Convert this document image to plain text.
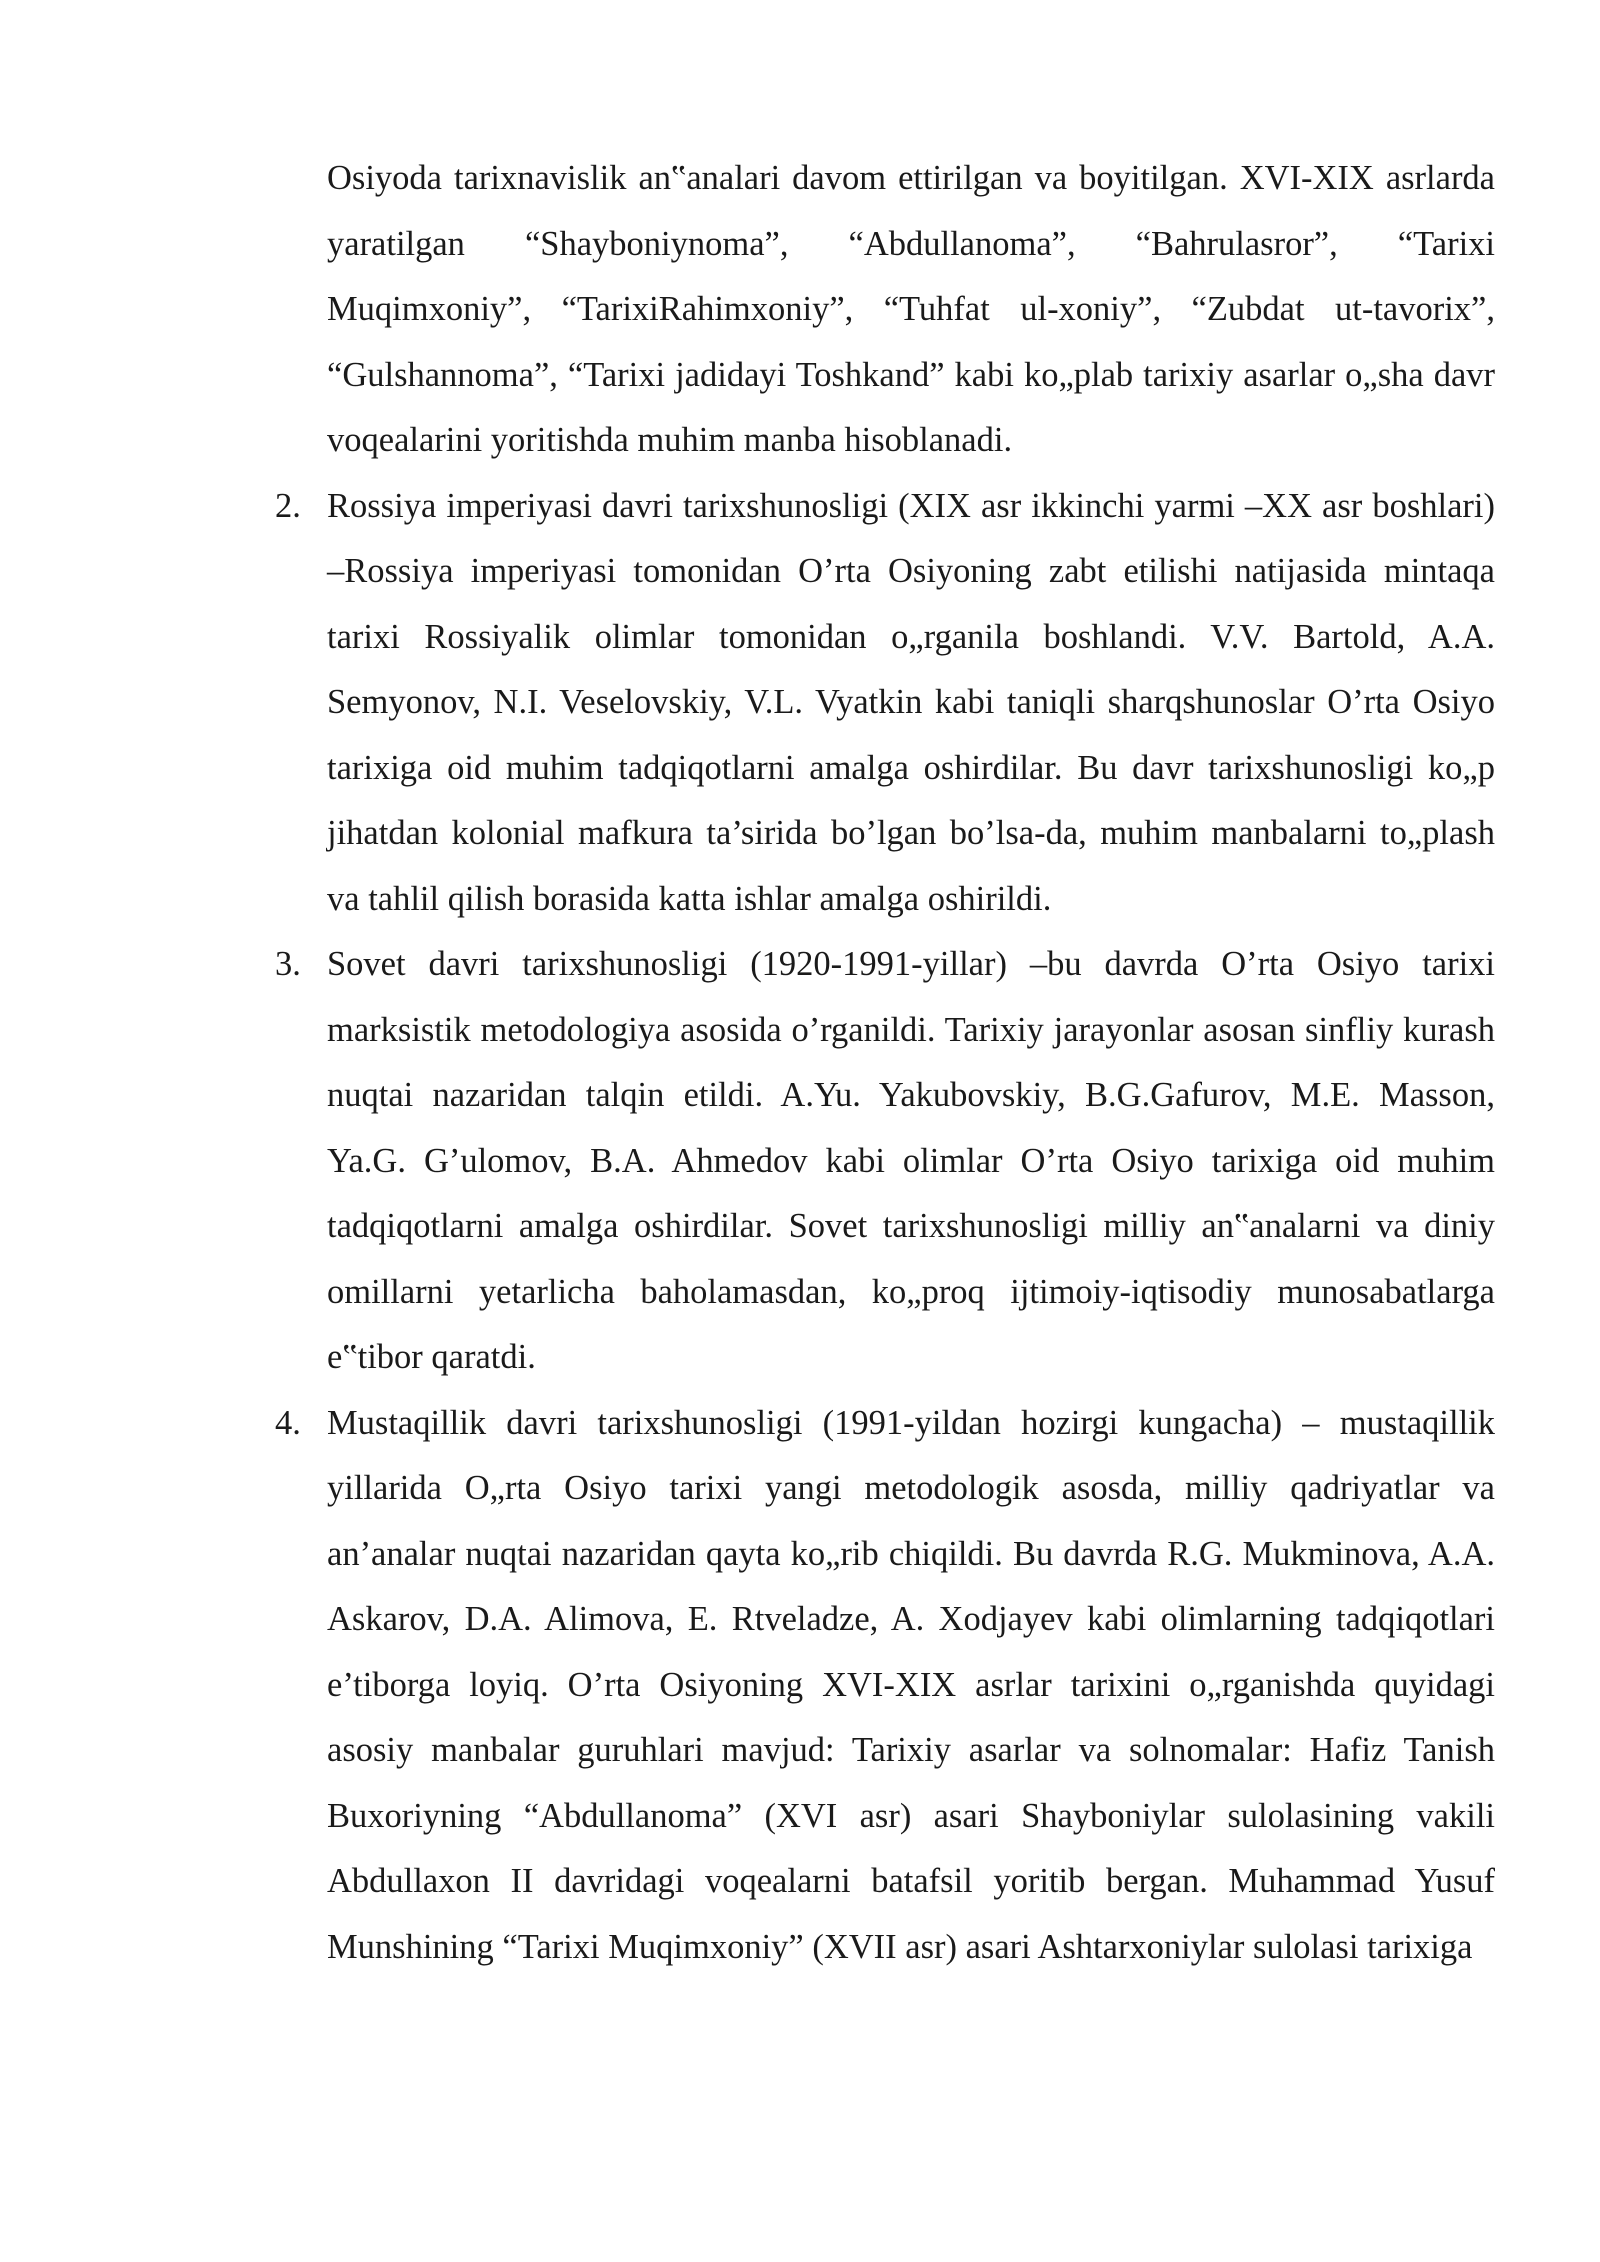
Osiyoda tarixnavislik an‟analari davom ettirilgan va boyitilgan. XVI-XIX asrlarda yaratilgan “Shayboniynoma”, “Abdullanoma”, “Bahrulasror”, “Tarixi Muqimxoniy”, “TarixiRahimxoniy”, “Tuhfat ul-xoniy”, “Zubdat ut-tavorix”, “Gulshannoma”, “Tarixi jadidayi Toshkand” kabi ko„plab tarixiy asarlar o„sha davr voqealarini yoritishda muhim manba hisoblanadi.

2. Rossiya imperiyasi davri tarixshunosligi (XIX asr ikkinchi yarmi –XX asr boshlari) –Rossiya imperiyasi tomonidan O’rta Osiyoning zabt etilishi natijasida mintaqa tarixi Rossiyalik olimlar tomonidan o„rganila boshlandi. V.V. Bartold, A.A. Semyonov, N.I. Veselovskiy, V.L. Vyatkin kabi taniqli sharqshunoslar O’rta Osiyo tarixiga oid muhim tadqiqotlarni amalga oshirdilar. Bu davr tarixshunosligi ko„p jihatdan kolonial mafkura ta’sirida bo’lgan bo’lsa-da, muhim manbalarni to„plash va tahlil qilish borasida katta ishlar amalga oshirildi.

3. Sovet davri tarixshunosligi (1920-1991-yillar) –bu davrda O’rta Osiyo tarixi marksistik metodologiya asosida o’rganildi. Tarixiy jarayonlar asosan sinfliy kurash nuqtai nazaridan talqin etildi. A.Yu. Yakubovskiy, B.G.Gafurov, M.E. Masson, Ya.G. G’ulomov, B.A. Ahmedov kabi olimlar O’rta Osiyo tarixiga oid muhim tadqiqotlarni amalga oshirdilar. Sovet tarixshunosligi milliy an‟analarni va diniy omillarni yetarlicha baholamasdan, ko„proq ijtimoiy-iqtisodiy munosabatlarga e‟tibor qaratdi.

4. Mustaqillik davri tarixshunosligi (1991-yildan hozirgi kungacha) – mustaqillik yillarida O„rta Osiyo tarixi yangi metodologik asosda, milliy qadriyatlar va an’analar nuqtai nazaridan qayta ko„rib chiqildi. Bu davrda R.G. Mukminova, A.A. Askarov, D.A. Alimova, E. Rtveladze, A. Xodjayev kabi olimlarning tadqiqotlari e’tiborga loyiq. O’rta Osiyoning XVI-XIX asrlar tarixini o„rganishda quyidagi asosiy manbalar guruhlari mavjud: Tarixiy asarlar va solnomalar: Hafiz Tanish Buxoriyning “Abdullanoma” (XVI asr) asari Shayboniylar sulolasining vakili Abdullaxon II davridagi voqealarni batafsil yoritib bergan. Muhammad Yusuf Munshining “Tarixi Muqimxoniy” (XVII asr) asari Ashtarxoniylar sulolasi tarixiga
